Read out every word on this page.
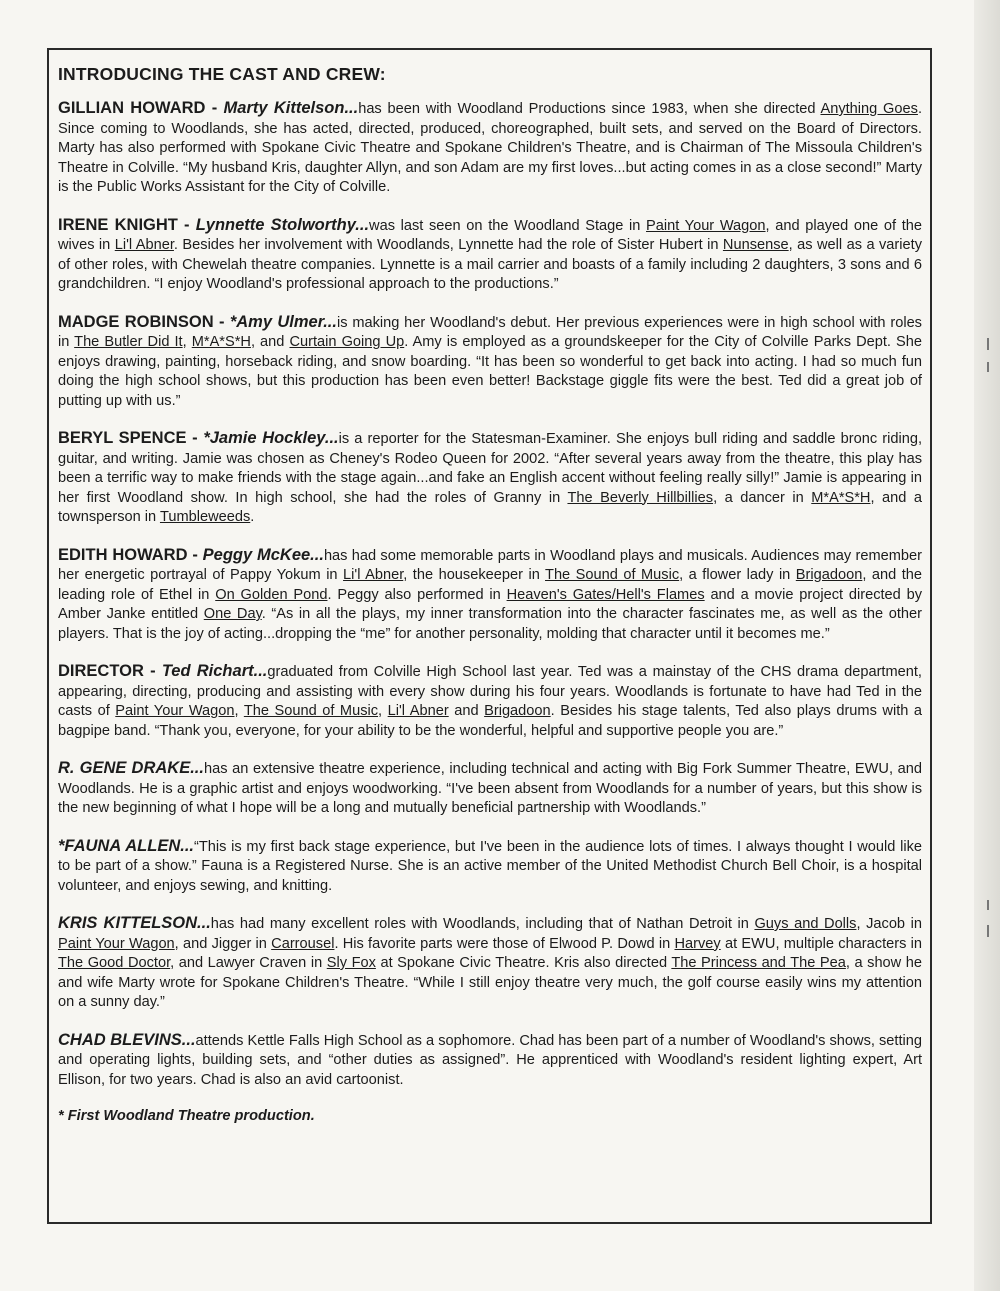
INTRODUCING THE CAST AND CREW:

GILLIAN HOWARD - Marty Kittelson...has been with Woodland Productions since 1983, when she directed Anything Goes. Since coming to Woodlands, she has acted, directed, produced, choreographed, built sets, and served on the Board of Directors. Marty has also performed with Spokane Civic Theatre and Spokane Children's Theatre, and is Chairman of The Missoula Children's Theatre in Colville. “My husband Kris, daughter Allyn, and son Adam are my first loves...but acting comes in as a close second!” Marty is the Public Works Assistant for the City of Colville.

IRENE KNIGHT - Lynnette Stolworthy...was last seen on the Woodland Stage in Paint Your Wagon, and played one of the wives in Li'l Abner. Besides her involvement with Woodlands, Lynnette had the role of Sister Hubert in Nunsense, as well as a variety of other roles, with Chewelah theatre companies. Lynnette is a mail carrier and boasts of a family including 2 daughters, 3 sons and 6 grandchildren. “I enjoy Woodland's professional approach to the productions.”

MADGE ROBINSON - *Amy Ulmer...is making her Woodland's debut. Her previous experiences were in high school with roles in The Butler Did It, M*A*S*H, and Curtain Going Up. Amy is employed as a groundskeeper for the City of Colville Parks Dept. She enjoys drawing, painting, horseback riding, and snow boarding. “It has been so wonderful to get back into acting. I had so much fun doing the high school shows, but this production has been even better! Backstage giggle fits were the best. Ted did a great job of putting up with us.”

BERYL SPENCE - *Jamie Hockley...is a reporter for the Statesman-Examiner. She enjoys bull riding and saddle bronc riding, guitar, and writing. Jamie was chosen as Cheney's Rodeo Queen for 2002. “After several years away from the theatre, this play has been a terrific way to make friends with the stage again...and fake an English accent without feeling really silly!” Jamie is appearing in her first Woodland show. In high school, she had the roles of Granny in The Beverly Hillbillies, a dancer in M*A*S*H, and a townsperson in Tumbleweeds.

EDITH HOWARD - Peggy McKee...has had some memorable parts in Woodland plays and musicals. Audiences may remember her energetic portrayal of Pappy Yokum in Li'l Abner, the housekeeper in The Sound of Music, a flower lady in Brigadoon, and the leading role of Ethel in On Golden Pond. Peggy also performed in Heaven's Gates/Hell's Flames and a movie project directed by Amber Janke entitled One Day. “As in all the plays, my inner transformation into the character fascinates me, as well as the other players. That is the joy of acting...dropping the “me” for another personality, molding that character until it becomes me.”

DIRECTOR - Ted Richart...graduated from Colville High School last year. Ted was a mainstay of the CHS drama department, appearing, directing, producing and assisting with every show during his four years. Woodlands is fortunate to have had Ted in the casts of Paint Your Wagon, The Sound of Music, Li'l Abner and Brigadoon. Besides his stage talents, Ted also plays drums with a bagpipe band. “Thank you, everyone, for your ability to be the wonderful, helpful and supportive people you are.”

R. GENE DRAKE...has an extensive theatre experience, including technical and acting with Big Fork Summer Theatre, EWU, and Woodlands. He is a graphic artist and enjoys woodworking. “I've been absent from Woodlands for a number of years, but this show is the new beginning of what I hope will be a long and mutually beneficial partnership with Woodlands.”

*FAUNA ALLEN...“This is my first back stage experience, but I've been in the audience lots of times. I always thought I would like to be part of a show.” Fauna is a Registered Nurse. She is an active member of the United Methodist Church Bell Choir, is a hospital volunteer, and enjoys sewing, and knitting.

KRIS KITTELSON...has had many excellent roles with Woodlands, including that of Nathan Detroit in Guys and Dolls, Jacob in Paint Your Wagon, and Jigger in Carrousel. His favorite parts were those of Elwood P. Dowd in Harvey at EWU, multiple characters in The Good Doctor, and Lawyer Craven in Sly Fox at Spokane Civic Theatre. Kris also directed The Princess and The Pea, a show he and wife Marty wrote for Spokane Children's Theatre. “While I still enjoy theatre very much, the golf course easily wins my attention on a sunny day.”

CHAD BLEVINS...attends Kettle Falls High School as a sophomore. Chad has been part of a number of Woodland's shows, setting and operating lights, building sets, and “other duties as assigned”. He apprenticed with Woodland's resident lighting expert, Art Ellison, for two years. Chad is also an avid cartoonist.

* First Woodland Theatre production.
